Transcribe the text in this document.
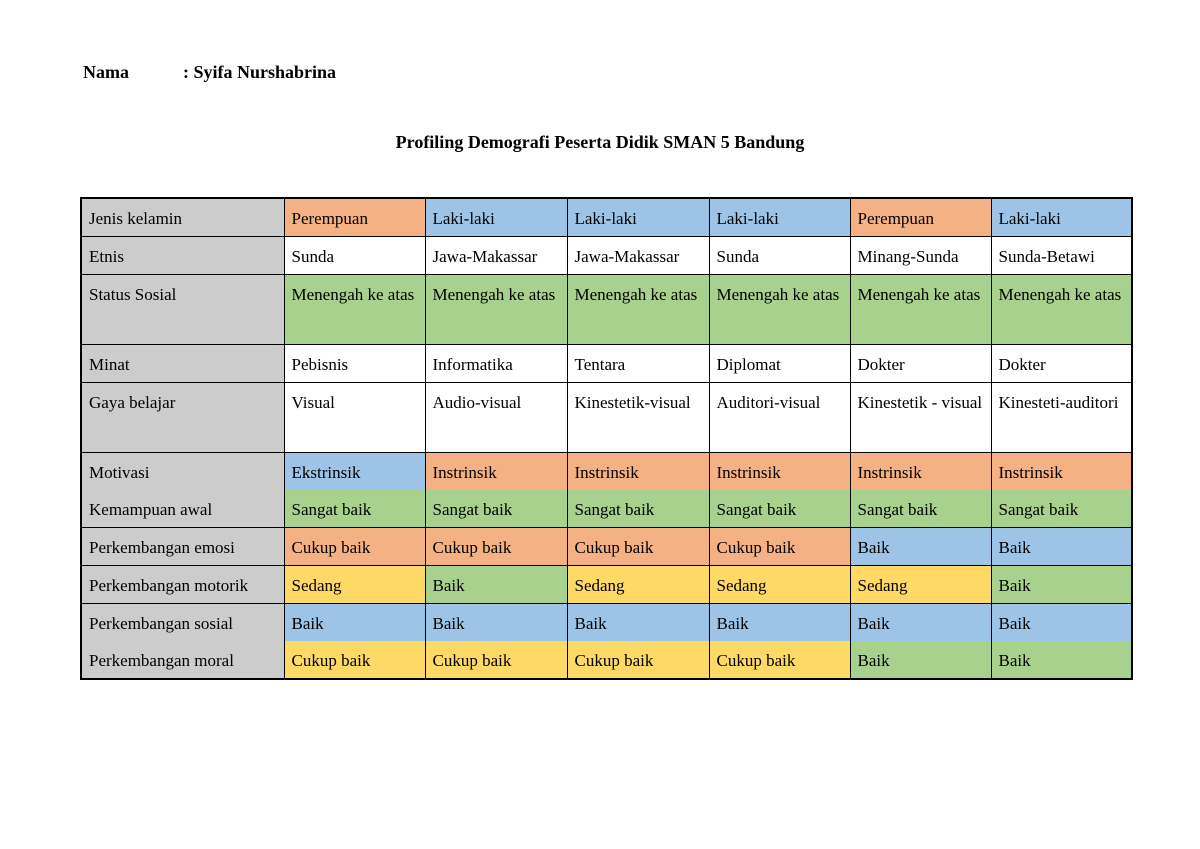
Nama	: Syifa Nurshabrina
Profiling Demografi Peserta Didik SMAN 5 Bandung
Jenis kelamin	Perempuan	Laki-laki	Laki-laki	Laki-laki	Perempuan	Laki-laki
Etnis	Sunda	Jawa-Makassar	Jawa-Makassar	Sunda	Minang-Sunda	Sunda-Betawi
Status Sosial	Menengah ke atas	Menengah ke atas	Menengah ke atas	Menengah ke atas	Menengah ke atas	Menengah ke atas
Minat	Pebisnis	Informatika	Tentara	Diplomat	Dokter	Dokter
Gaya belajar	Visual	Audio-visual	Kinestetik-visual	Auditori-visual	Kinestetik - visual	Kinesteti-auditori
Motivasi	Ekstrinsik	Instrinsik	Instrinsik	Instrinsik	Instrinsik	Instrinsik
Kemampuan awal	Sangat baik	Sangat baik	Sangat baik	Sangat baik	Sangat baik	Sangat baik
Perkembangan emosi	Cukup baik	Cukup baik	Cukup baik	Cukup baik	Baik	Baik
Perkembangan motorik	Sedang	Baik	Sedang	Sedang	Sedang	Baik
Perkembangan sosial	Baik	Baik	Baik	Baik	Baik	Baik
Perkembangan moral	Cukup baik	Cukup baik	Cukup baik	Cukup baik	Baik	Baik
